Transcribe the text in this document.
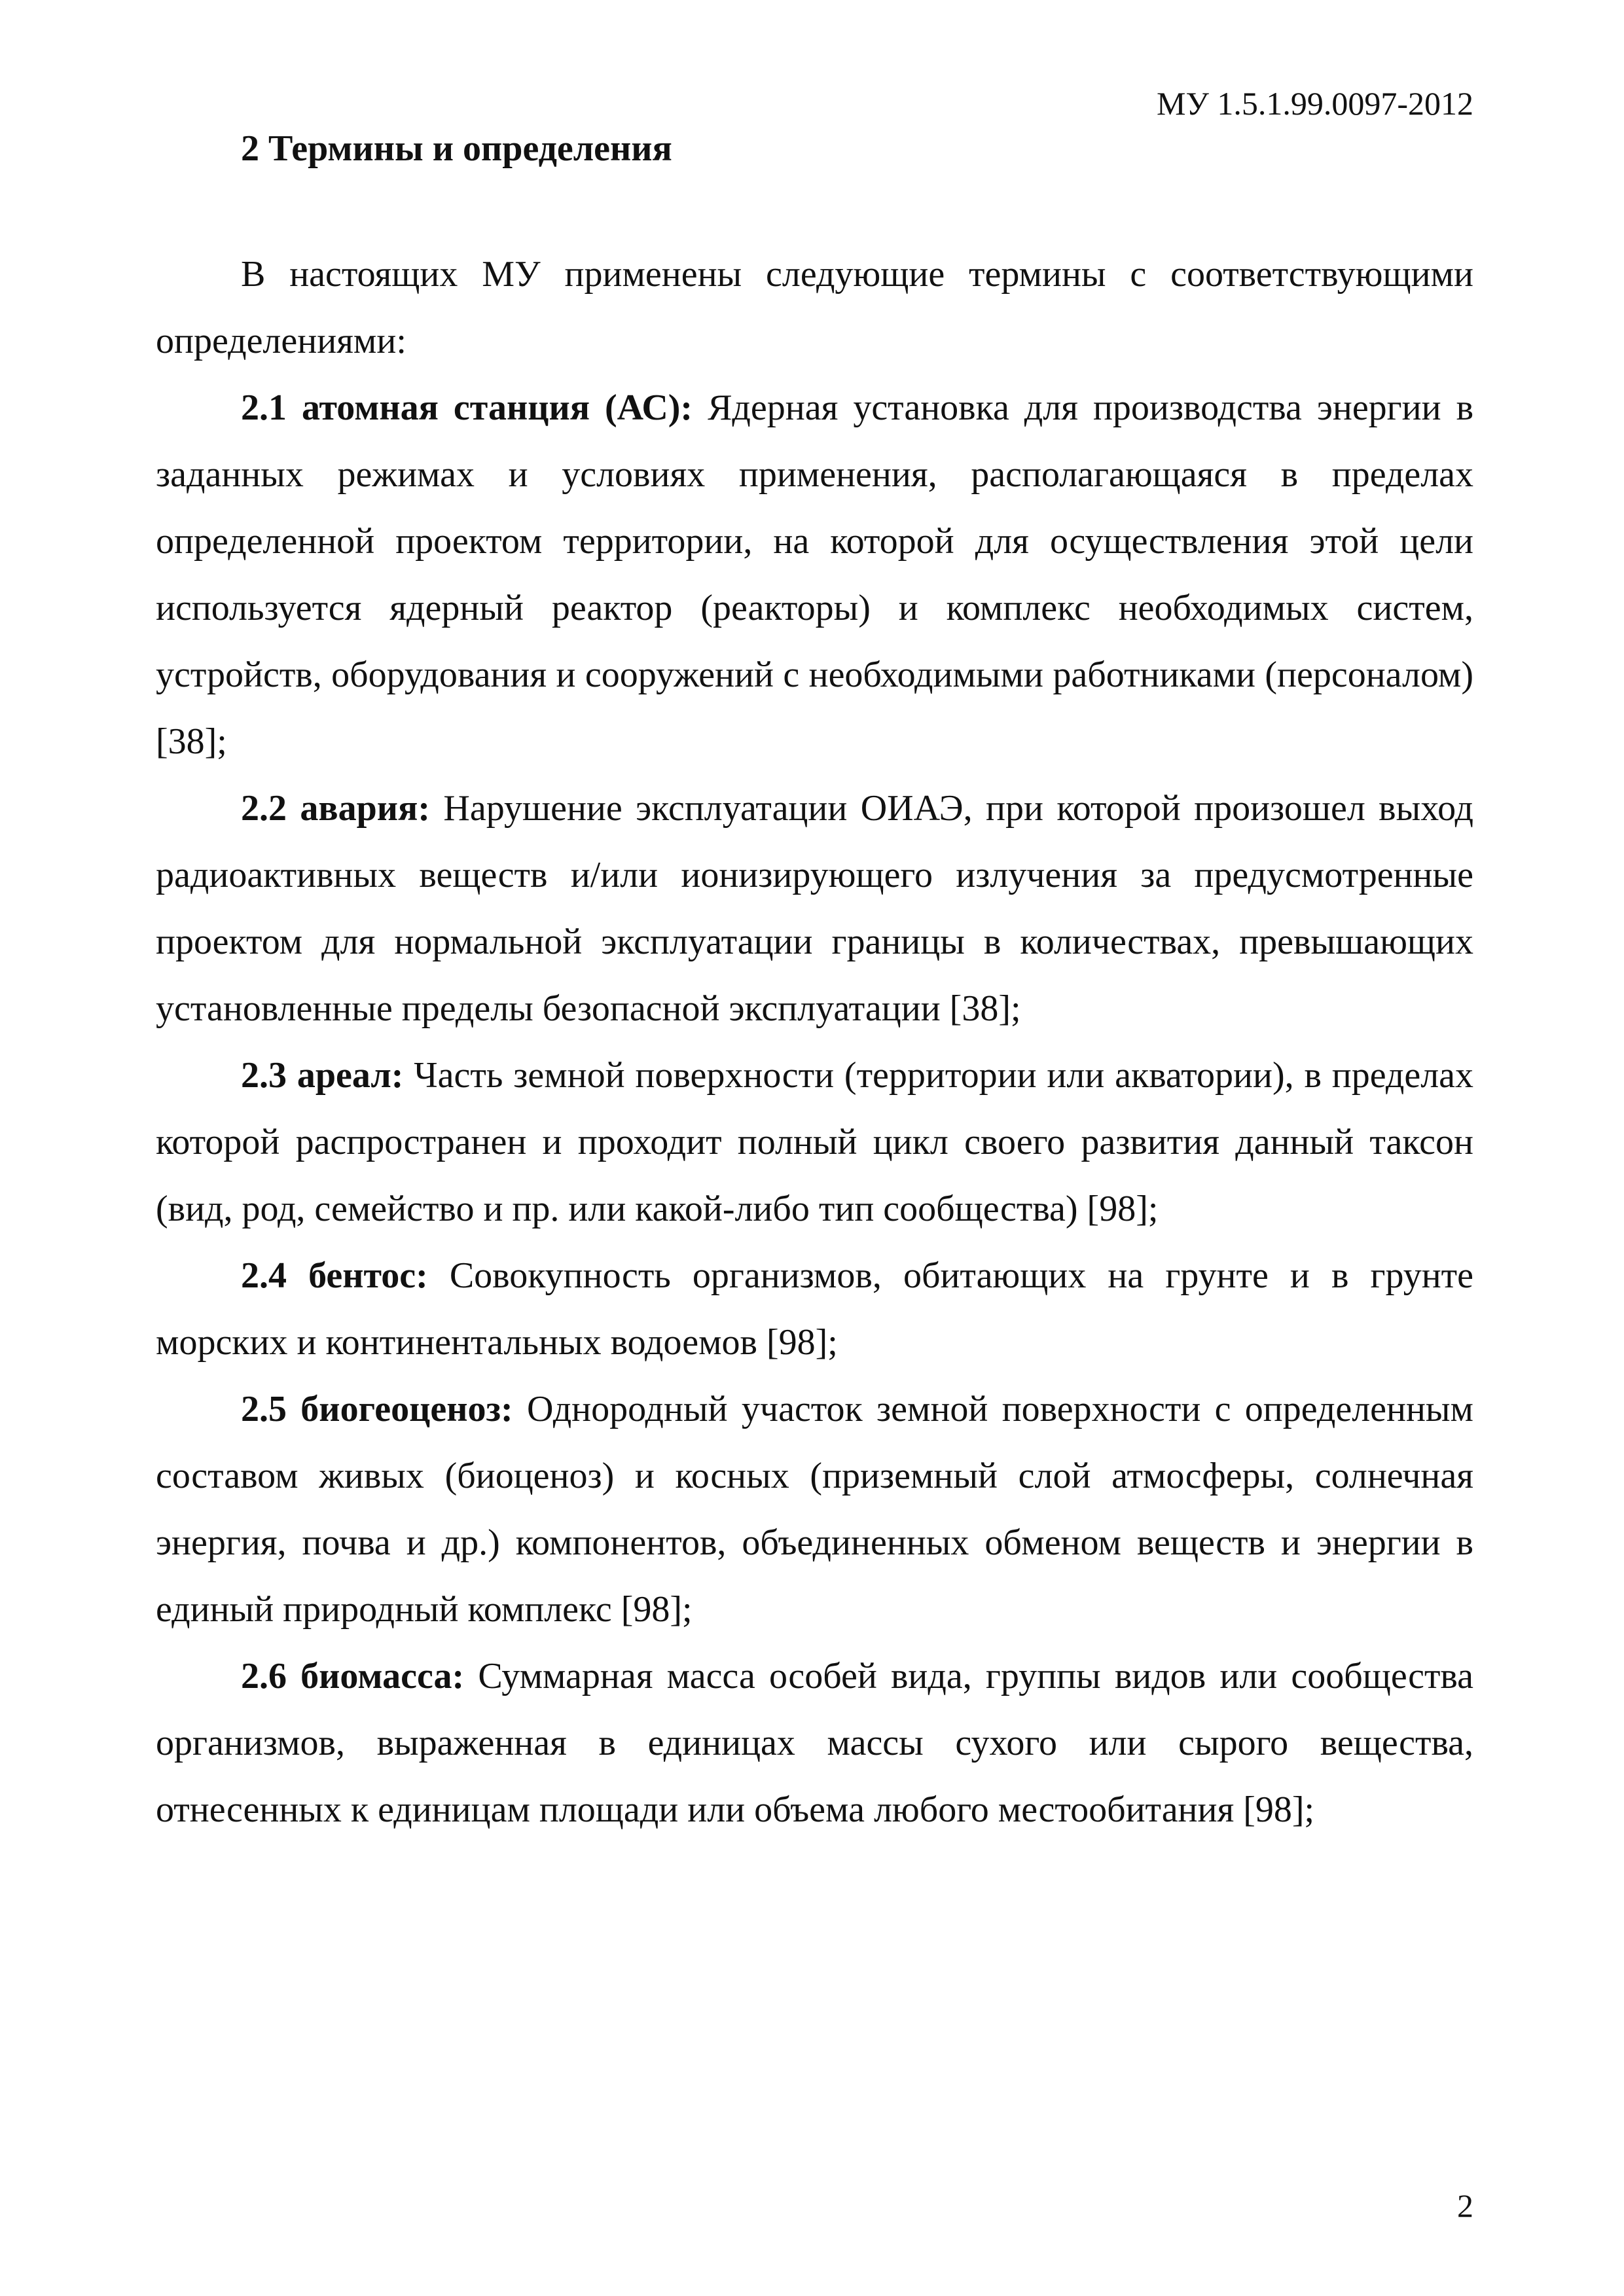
МУ 1.5.1.99.0097-2012
2 Термины и определения

В настоящих МУ применены следующие термины с соответствующими определениями:

2.1 атомная станция (АС): Ядерная установка для производства энергии в заданных режимах и условиях применения, располагающаяся в пределах определенной проектом территории, на которой для осуществления этой цели используется ядерный реактор (реакторы) и комплекс необходимых систем, устройств, оборудования и сооружений с необходимыми работниками (персоналом) [38];

2.2 авария: Нарушение эксплуатации ОИАЭ, при которой произошел выход радиоактивных веществ и/или ионизирующего излучения за предусмотренные проектом для нормальной эксплуатации границы в количествах, превышающих установленные пределы безопасной эксплуатации [38];

2.3 ареал: Часть земной поверхности (территории или акватории), в пределах которой распространен и проходит полный цикл своего развития данный таксон (вид, род, семейство и пр. или какой-либо тип сообщества) [98];

2.4 бентос: Совокупность организмов, обитающих на грунте и в грунте морских и континентальных водоемов [98];

2.5 биогеоценоз: Однородный участок земной поверхности с определенным составом живых (биоценоз) и косных (приземный слой атмосферы, солнечная энергия, почва и др.) компонентов, объединенных обменом веществ и энергии в единый природный комплекс [98];

2.6 биомасса: Суммарная масса особей вида, группы видов или сообщества организмов, выраженная в единицах массы сухого или сырого вещества, отнесенных к единицам площади или объема любого местообитания [98];

2
